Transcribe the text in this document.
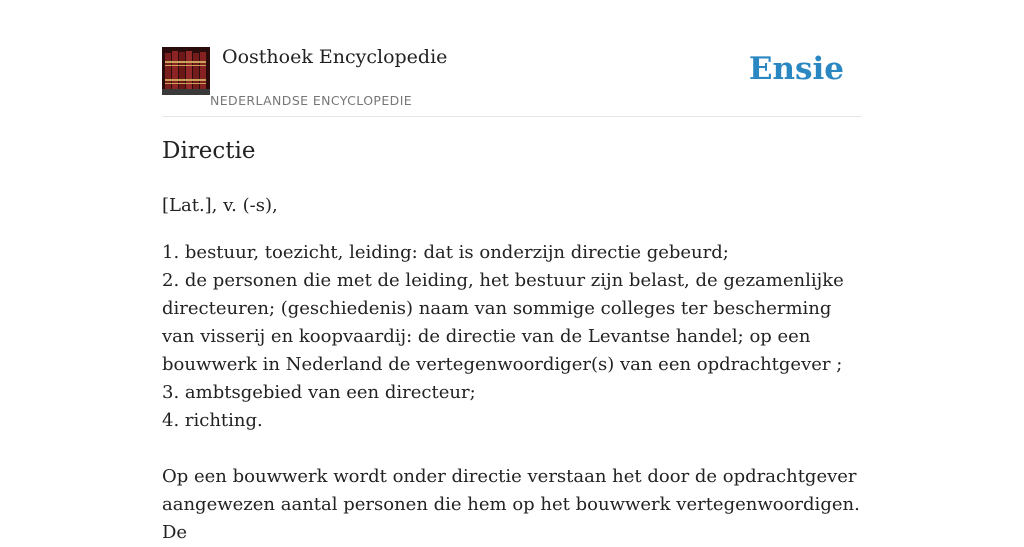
Oosthoek Encyclopedie
NEDERLANDSE ENCYCLOPEDIE
Ensie
Directie

[Lat.], v. (-s),

1. bestuur, toezicht, leiding: dat is onderzijn directie gebeurd;
2. de personen die met de leiding, het bestuur zijn belast, de gezamenlijke directeuren; (geschiedenis) naam van sommige colleges ter bescherming van visserij en koopvaardij: de directie van de Levantse handel; op een bouwwerk in Nederland de vertegenwoordiger(s) van een opdrachtgever ;
3. ambtsgebied van een directeur;
4. richting.

Op een bouwwerk wordt onder directie verstaan het door de opdrachtgever aangewezen aantal personen die hem op het bouwwerk vertegenwoordigen. De
